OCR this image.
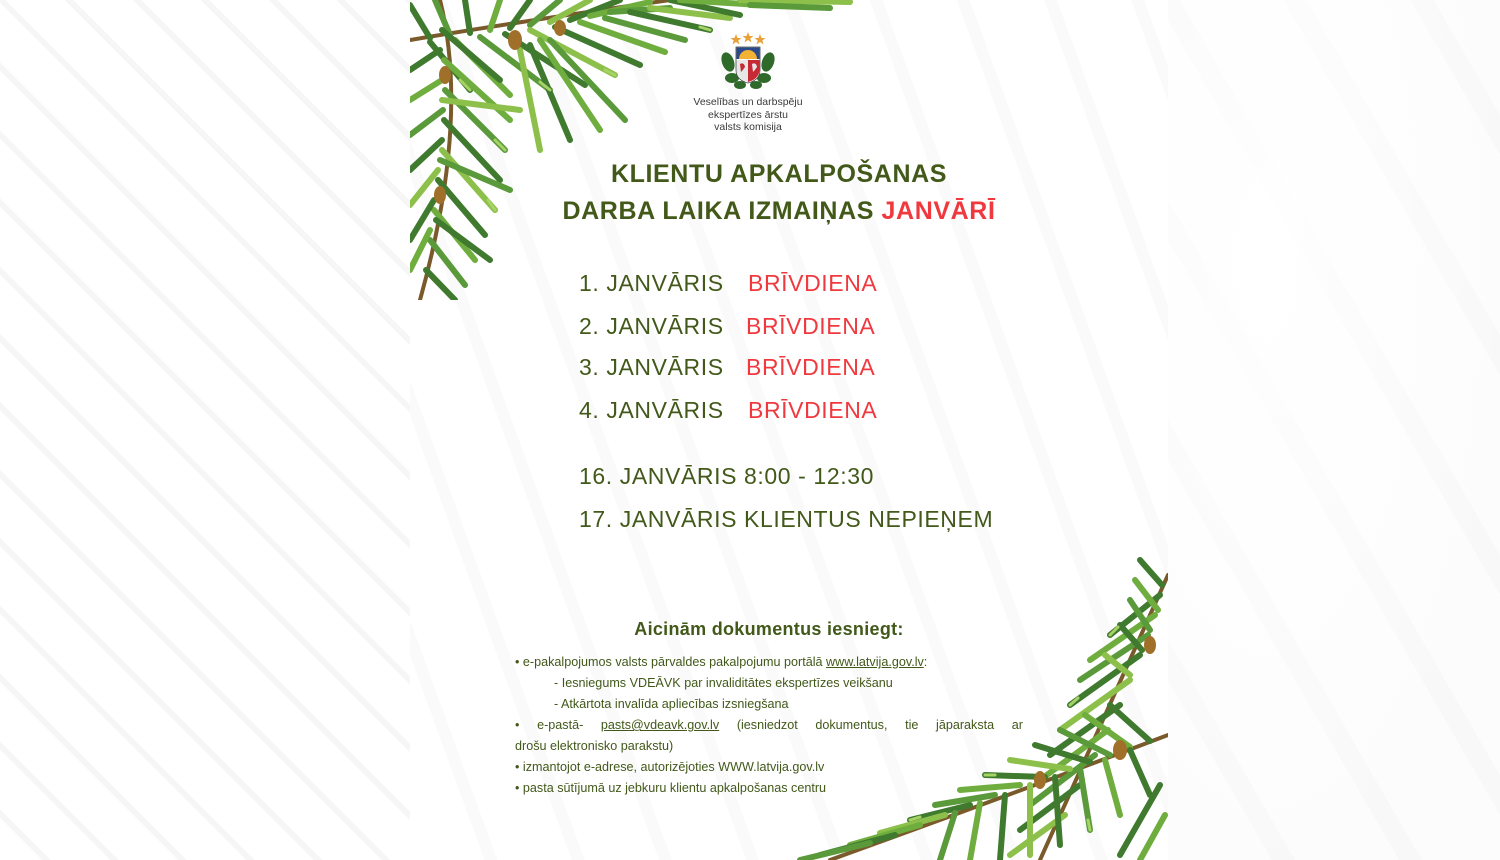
Veselības un darbspēju
ekspertīzes ārstu
valsts komisija
KLIENTU APKALPOŠANAS
DARBA LAIKA IZMAIŅAS JANVĀRĪ
1. JANVĀRIS BRĪVDIENA
2. JANVĀRIS BRĪVDIENA
3. JANVĀRIS BRĪVDIENA
4. JANVĀRIS BRĪVDIENA
16. JANVĀRIS 8:00 - 12:30
17. JANVĀRIS KLIENTUS NEPIEŅEM
Aicinām dokumentus iesniegt:
• e-pakalpojumos valsts pārvaldes pakalpojumu portālā www.latvija.gov.lv:
- Iesniegums VDEĀVK par invaliditātes ekspertīzes veikšanu
- Atkārtota invalīda apliecības izsniegšana
• e-pastā- pasts@vdeavk.gov.lv (iesniedzot dokumentus, tie jāparaksta ar
drošu elektronisko parakstu)
• izmantojot e-adrese, autorizējoties WWW.latvija.gov.lv
• pasta sūtījumā uz jebkuru klientu apkalpošanas centru
